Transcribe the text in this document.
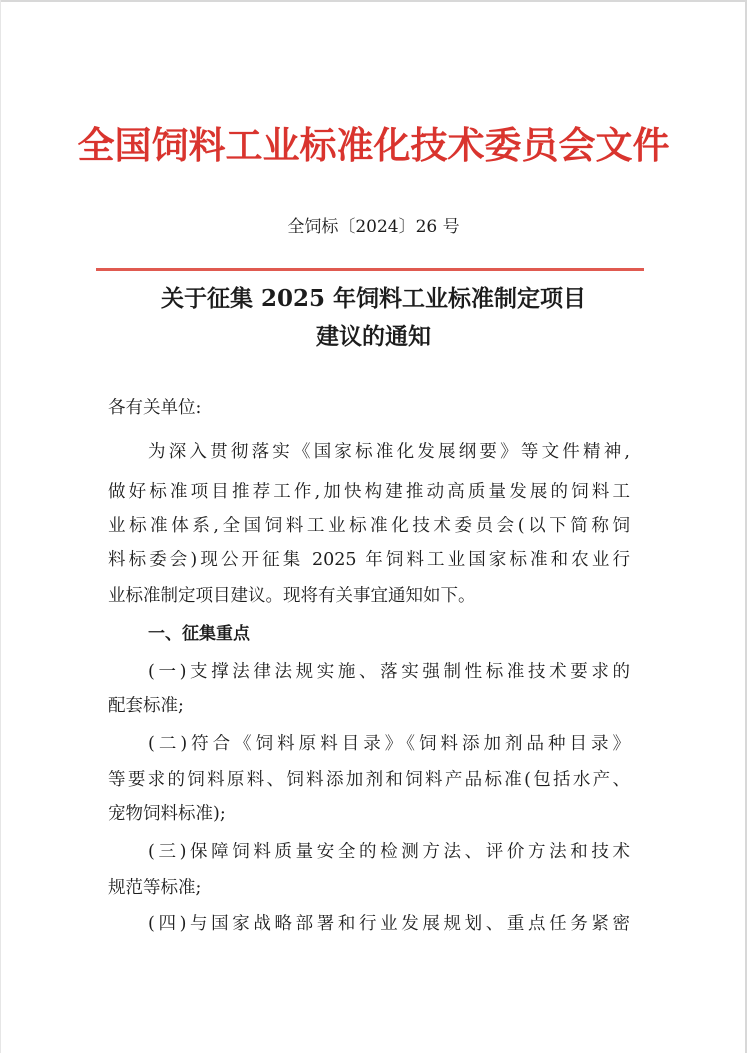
全国饲料工业标准化技术委员会文件
全饲标〔2024〕26 号
关于征集 2025 年饲料工业标准制定项目
建议的通知
各有关单位:
为深入贯彻落实《国家标准化发展纲要》等文件精神,
做好标准项目推荐工作,加快构建推动高质量发展的饲料工
业标准体系,全国饲料工业标准化技术委员会(以下简称饲
料标委会)现公开征集 2025 年饲料工业国家标准和农业行
业标准制定项目建议。现将有关事宜通知如下。
一、征集重点
(一)支撑法律法规实施、落实强制性标准技术要求的
配套标准;
(二)符合《饲料原料目录》《饲料添加剂品种目录》
等要求的饲料原料、饲料添加剂和饲料产品标准(包括水产、
宠物饲料标准);
(三)保障饲料质量安全的检测方法、评价方法和技术
规范等标准;
(四)与国家战略部署和行业发展规划、重点任务紧密
